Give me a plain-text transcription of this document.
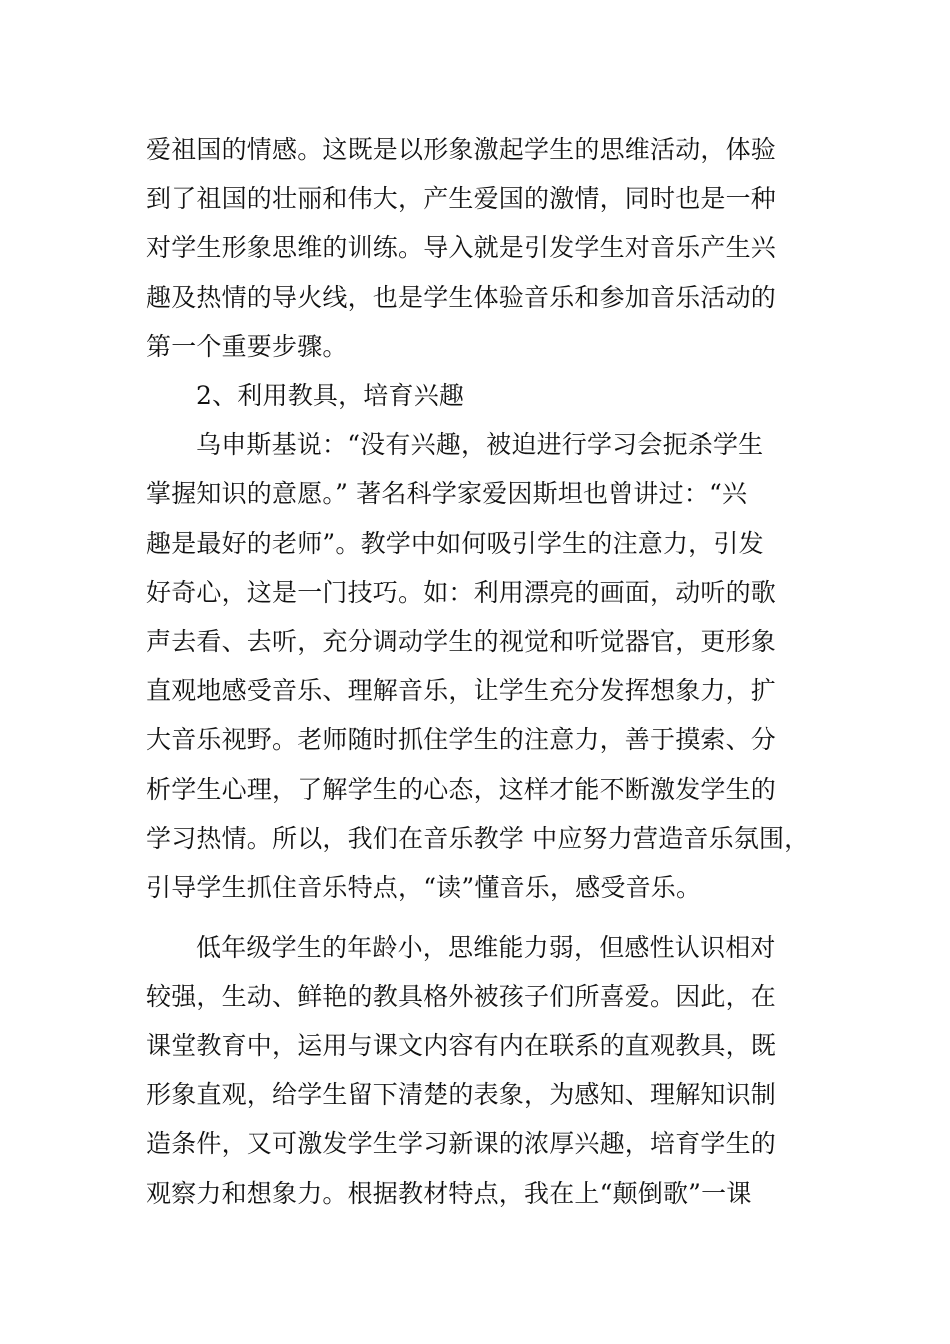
爱祖国的情感。这既是以形象激起学生的思维活动，体验
到了祖国的壮丽和伟大，产生爱国的激情，同时也是一种
对学生形象思维的训练。导入就是引发学生对音乐产生兴
趣及热情的导火线，也是学生体验音乐和参加音乐活动的
第一个重要步骤。
2、利用教具，培育兴趣
乌申斯基说：“没有兴趣，被迫进行学习会扼杀学生
掌握知识的意愿。” 著名科学家爱因斯坦也曾讲过：“兴
趣是最好的老师”。教学中如何吸引学生的注意力，引发
好奇心，这是一门技巧。如：利用漂亮的画面，动听的歌
声去看、去听，充分调动学生的视觉和听觉器官，更形象
直观地感受音乐、理解音乐，让学生充分发挥想象力，扩
大音乐视野。老师随时抓住学生的注意力，善于摸索、分
析学生心理，了解学生的心态，这样才能不断激发学生的
学习热情。所以，我们在音乐教学 中应努力营造音乐氛围，
引导学生抓住音乐特点，“读”懂音乐，感受音乐。
低年级学生的年龄小，思维能力弱，但感性认识相对
较强，生动、鲜艳的教具格外被孩子们所喜爱。因此，在
课堂教育中，运用与课文内容有内在联系的直观教具，既
形象直观，给学生留下清楚的表象，为感知、理解知识制
造条件，又可激发学生学习新课的浓厚兴趣，培育学生的
观察力和想象力。根据教材特点，我在上“颠倒歌”一课
